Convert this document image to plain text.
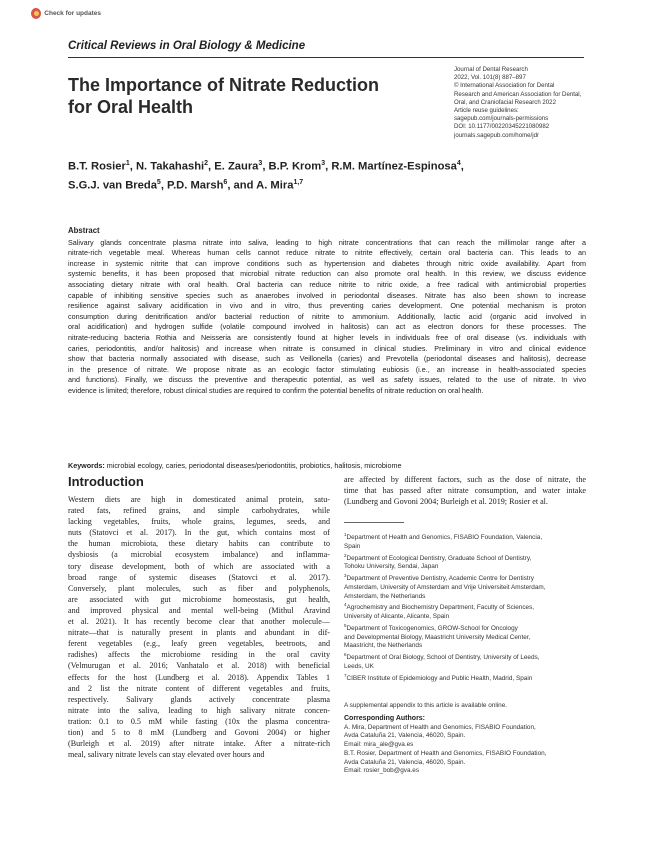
Check for updates
Critical Reviews in Oral Biology & Medicine
The Importance of Nitrate Reduction
for Oral Health
Journal of Dental Research
2022, Vol. 101(8) 887–897
© International Association for Dental
Research and American Association for Dental,
Oral, and Craniofacial Research 2022
Article reuse guidelines:
sagepub.com/journals-permissions
DOI: 10.1177/00220345221080982
journals.sagepub.com/home/jdr
B.T. Rosier$^1$, N. Takahashi$^2$, E. Zaura$^3$, B.P. Krom$^3$, R.M. Martínez-Espinosa$^4$,
S.G.J. van Breda$^5$, P.D. Marsh$^6$, and A. Mira$^{1,7}$
Abstract
Salivary glands concentrate plasma nitrate into saliva, leading to high nitrate concentrations that can reach the millimolar range after a
nitrate-rich vegetable meal. Whereas human cells cannot reduce nitrate to nitrite effectively, certain oral bacteria can. This leads to an
increase in systemic nitrite that can improve conditions such as hypertension and diabetes through nitric oxide availability. Apart from
systemic benefits, it has been proposed that microbial nitrate reduction can also promote oral health. In this review, we discuss evidence
associating dietary nitrate with oral health. Oral bacteria can reduce nitrite to nitric oxide, a free radical with antimicrobial properties
capable of inhibiting sensitive species such as anaerobes involved in periodontal diseases. Nitrate has also been shown to increase
resilience against salivary acidification in vivo and in vitro, thus preventing caries development. One potential mechanism is proton
consumption during denitrification and/or bacterial reduction of nitrite to ammonium. Additionally, lactic acid (organic acid involved in
oral acidification) and hydrogen sulfide (volatile compound involved in halitosis) can act as electron donors for these processes. The
nitrate-reducing bacteria Rothia and Neisseria are consistently found at higher levels in individuals free of oral disease (vs. individuals with
caries, periodontitis, and/or halitosis) and increase when nitrate is consumed in clinical studies. Preliminary in vitro and clinical evidence
show that bacteria normally associated with disease, such as Veillonella (caries) and Prevotella (periodontal diseases and halitosis), decrease
in the presence of nitrate. We propose nitrate as an ecologic factor stimulating eubiosis (i.e., an increase in health-associated species
and functions). Finally, we discuss the preventive and therapeutic potential, as well as safety issues, related to the use of nitrate. In vivo
evidence is limited; therefore, robust clinical studies are required to confirm the potential benefits of nitrate reduction on oral health.
Keywords: microbial ecology, caries, periodontal diseases/periodontitis, probiotics, halitosis, microbiome
Introduction
Western diets are high in domesticated animal protein, satu-
rated fats, refined grains, and simple carbohydrates, while
lacking vegetables, fruits, whole grains, legumes, seeds, and
nuts (Statovci et al. 2017). In the gut, which contains most of
the human microbiota, these dietary habits can contribute to
dysbiosis (a microbial ecosystem imbalance) and inflamma-
tory disease development, both of which are associated with a
broad range of systemic diseases (Statovci et al. 2017).
Conversely, plant molecules, such as fiber and polyphenols,
are associated with gut microbiome homeostasis, gut health,
and improved physical and mental well-being (Mithul Aravind
et al. 2021). It has recently become clear that another molecule—
nitrate—that is naturally present in plants and abundant in dif-
ferent vegetables (e.g., leafy green vegetables, beetroots, and
radishes) affects the microbiome residing in the oral cavity
(Velmurugan et al. 2016; Vanhatalo et al. 2018) with beneficial
effects for the host (Lundberg et al. 2018). Appendix Tables 1
and 2 list the nitrate content of different vegetables and fruits,
respectively. Salivary glands actively concentrate plasma
nitrate into the saliva, leading to high salivary nitrate concen-
tration: 0.1 to 0.5 mM while fasting (10x the plasma concentra-
tion) and 5 to 8 mM (Lundberg and Govoni 2004) or higher
(Burleigh et al. 2019) after nitrate intake. After a nitrate-rich
meal, salivary nitrate levels can stay elevated over hours and
are affected by different factors, such as the dose of nitrate, the
time that has passed after nitrate consumption, and water intake
(Lundberg and Govoni 2004; Burleigh et al. 2019; Rosier et al.
$^1$Department of Health and Genomics, FISABIO Foundation, Valencia,
Spain
$^2$Department of Ecological Dentistry, Graduate School of Dentistry,
Tohoku University, Sendai, Japan
$^3$Department of Preventive Dentistry, Academic Centre for Dentistry
Amsterdam, University of Amsterdam and Vrije Universiteit Amsterdam,
Amsterdam, the Netherlands
$^4$Agrochemistry and Biochemistry Department, Faculty of Sciences,
University of Alicante, Alicante, Spain
$^5$Department of Toxicogenomics, GROW-School for Oncology
and Developmental Biology, Maastricht University Medical Center,
Maastricht, the Netherlands
$^6$Department of Oral Biology, School of Dentistry, University of Leeds,
Leeds, UK
$^7$CIBER Institute of Epidemiology and Public Health, Madrid, Spain
A supplemental appendix to this article is available online.
Corresponding Authors:
A. Mira, Department of Health and Genomics, FISABIO Foundation,
Avda Cataluña 21, Valencia, 46020, Spain.
Email: mira_ale@gva.es
B.T. Rosier, Department of Health and Genomics, FISABIO Foundation,
Avda Cataluña 21, Valencia, 46020, Spain.
Email: rosier_bob@gva.es
